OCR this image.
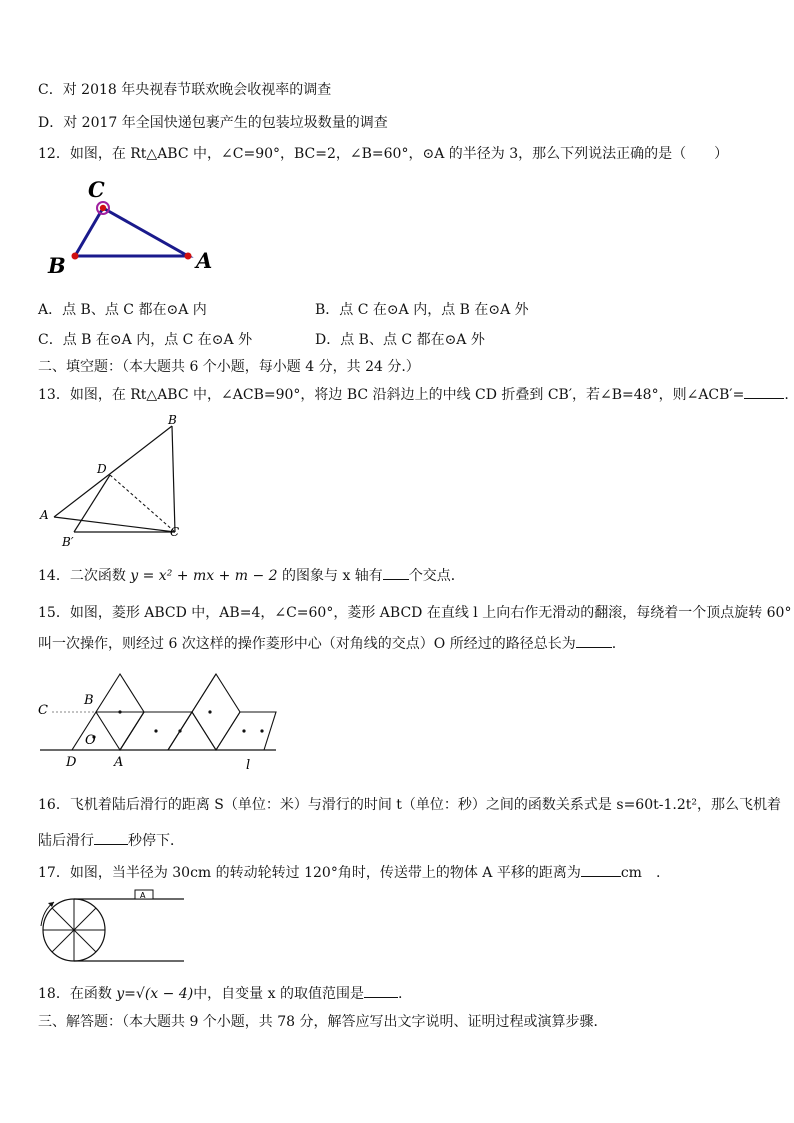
C．对 2018 年央视春节联欢晚会收视率的调查
D．对 2017 年全国快递包裹产生的包装垃圾数量的调查
12．如图，在 Rt△ABC 中，∠C=90°，BC=2，∠B=60°，⊙A 的半径为 3，那么下列说法正确的是（　　）
C
B	A
A．点 B、点 C 都在⊙A 内	B．点 C 在⊙A 内，点 B 在⊙A 外
C．点 B 在⊙A 内，点 C 在⊙A 外	D．点 B、点 C 都在⊙A 外
二、填空题：（本大题共 6 个小题，每小题 4 分，共 24 分.）
13．如图，在 Rt△ABC 中，∠ACB=90°，将边 BC 沿斜边上的中线 CD 折叠到 CB′，若∠B=48°，则∠ACB′=	.
B
D
A
C
B′
14．二次函数 y = x² + mx + m − 2 的图象与 x 轴有 个交点．
15．如图，菱形 ABCD 中，AB=4，∠C=60°，菱形 ABCD 在直线 l 上向右作无滑动的翻滚，每绕着一个顶点旋转 60°
叫一次操作，则经过 6 次这样的操作菱形中心（对角线的交点）O 所经过的路径总长为	.
C
B
O
D	A	l
16．飞机着陆后滑行的距离 S（单位：米）与滑行的时间 t（单位：秒）之间的函数关系式是 s=60t-1.2t²，那么飞机着
陆后滑行 秒停下．
17．如图，当半径为 30cm 的转动轮转过 120°角时，传送带上的物体 A 平移的距离为	cm　.
A
18．在函数 y=√(x − 4)中，自变量 x 的取值范围是 .
三、解答题：（本大题共 9 个小题，共 78 分，解答应写出文字说明、证明过程或演算步骤．
